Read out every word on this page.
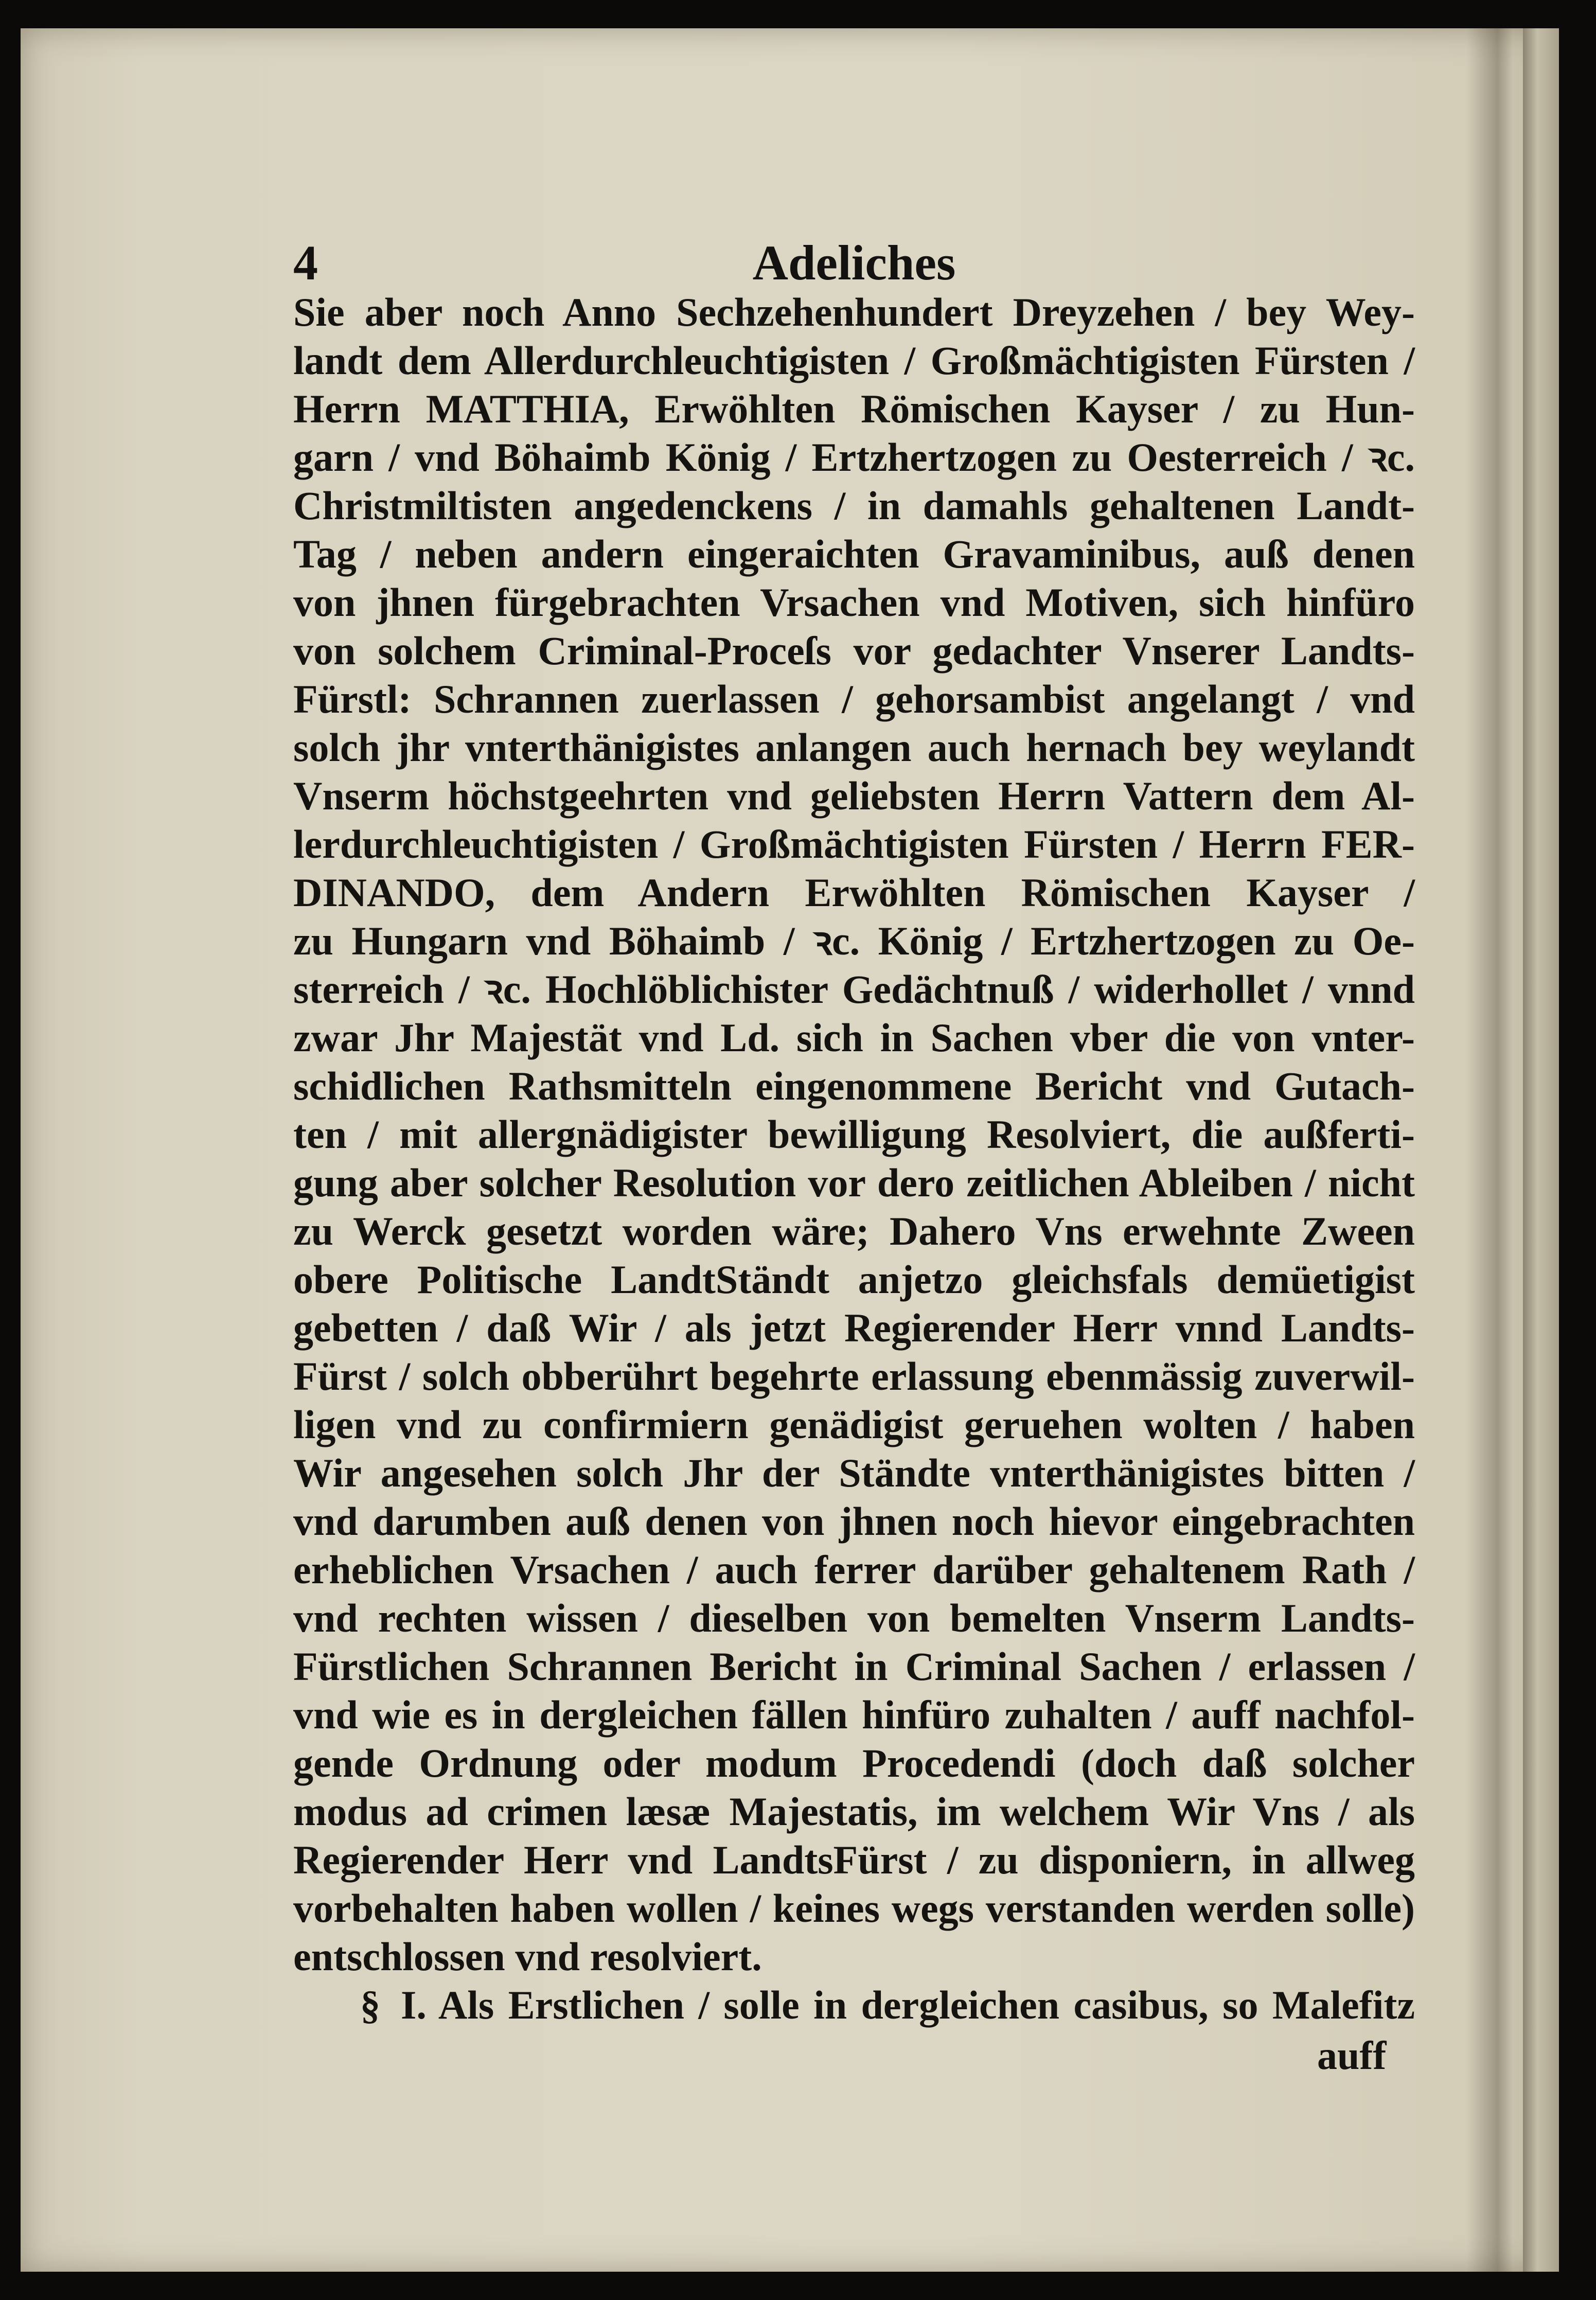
4	Adeliches
Sie aber noch Anno Sechzehenhundert Dreyzehen / bey Wey-
landt dem Allerdurchleuchtigisten / Großmächtigisten Fürsten /
Herrn MATTHIA, Erwöhlten Römischen Kayser / zu Hun-
garn / vnd Böhaimb König / Ertzhertzogen zu Oesterreich / ꝛc.
Christmiltisten angedenckens / in damahls gehaltenen Landt-
Tag / neben andern eingeraichten Gravaminibus, auß denen
von jhnen fürgebrachten Vrsachen vnd Motiven, sich hinfüro
von solchem Criminal-Proceſs vor gedachter Vnserer Landts-
Fürstl: Schrannen zuerlassen / gehorsambist angelangt / vnd
solch jhr vnterthänigistes anlangen auch hernach bey weylandt
Vnserm höchstgeehrten vnd geliebsten Herrn Vattern dem Al-
lerdurchleuchtigisten / Großmächtigisten Fürsten / Herrn FER-
DINANDO, dem Andern Erwöhlten Römischen Kayser /
zu Hungarn vnd Böhaimb / ꝛc. König / Ertzhertzogen zu Oe-
sterreich / ꝛc. Hochlöblichister Gedächtnuß / widerhollet / vnnd
zwar Jhr Majestät vnd Ld. sich in Sachen vber die von vnter-
schidlichen Rathsmitteln eingenommene Bericht vnd Gutach-
ten / mit allergnädigister bewilligung Resolviert, die außferti-
gung aber solcher Resolution vor dero zeitlichen Ableiben / nicht
zu Werck gesetzt worden wäre; Dahero Vns erwehnte Zween
obere Politische LandtStändt anjetzo gleichsfals demüetigist
gebetten / daß Wir / als jetzt Regierender Herr vnnd Landts-
Fürst / solch obberührt begehrte erlassung ebenmässig zuverwil-
ligen vnd zu confirmiern genädigist geruehen wolten / haben
Wir angesehen solch Jhr der Ständte vnterthänigistes bitten /
vnd darumben auß denen von jhnen noch hievor eingebrachten
erheblichen Vrsachen / auch ferrer darüber gehaltenem Rath /
vnd rechten wissen / dieselben von bemelten Vnserm Landts-
Fürstlichen Schrannen Bericht in Criminal Sachen / erlassen /
vnd wie es in dergleichen fällen hinfüro zuhalten / auff nachfol-
gende Ordnung oder modum Procedendi (doch daß solcher
modus ad crimen læsæ Majestatis, im welchem Wir Vns / als
Regierender Herr vnd LandtsFürst / zu disponiern, in allweg
vorbehalten haben wollen / keines wegs verstanden werden solle)
entschlossen vnd resolviert.
§ I. Als Erstlichen / solle in dergleichen casibus, so Malefitz
auff
